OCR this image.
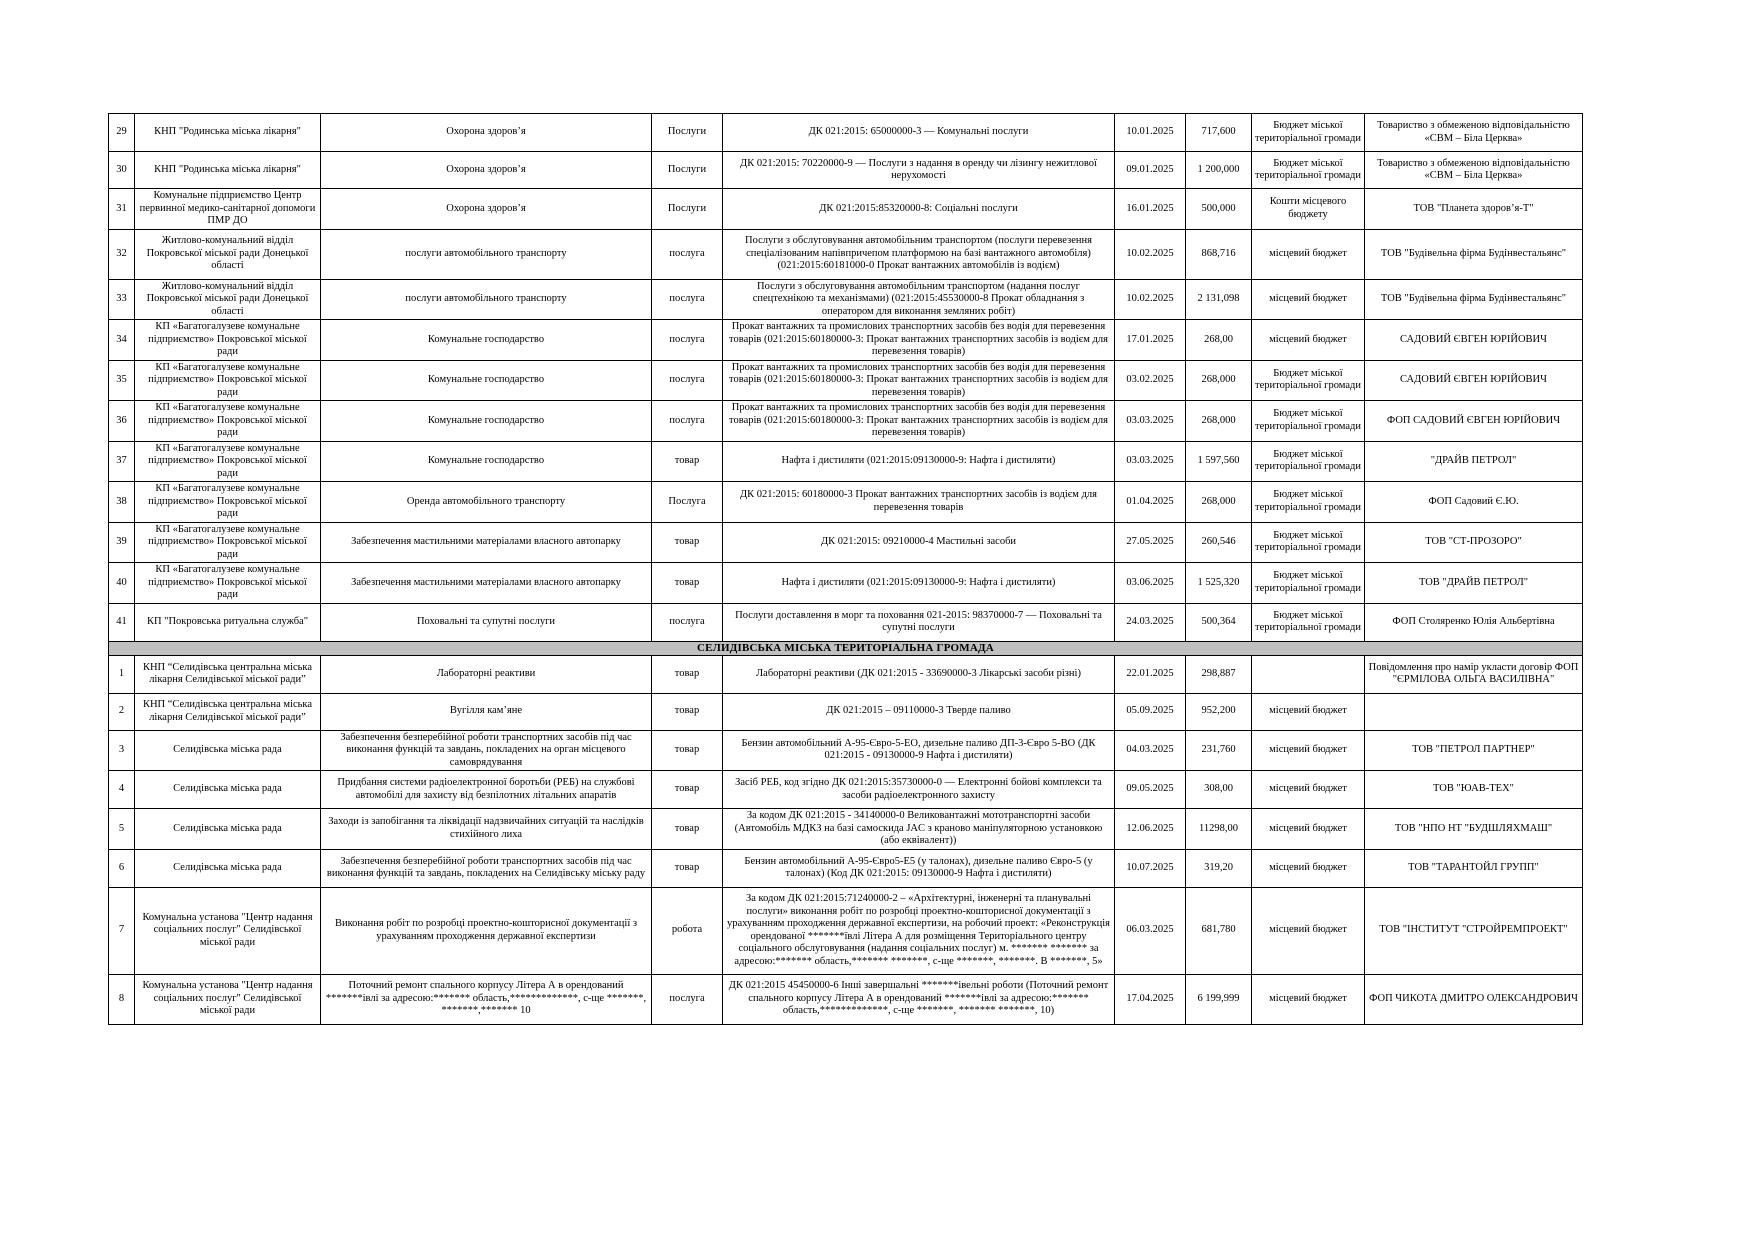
29	КНП "Родинська міська лікарня"	Охорона здоров’я	Послуги	ДК 021:2015: 65000000-3 — Комунальні послуги	10.01.2025	717,600	Бюджет міської територіальної громади	Товариство з обмеженою відповідальністю «СВМ – Біла Церква»
30	КНП "Родинська міська лікарня"	Охорона здоров’я	Послуги	ДК 021:2015: 70220000-9 — Послуги з надання в оренду чи лізингу нежитлової нерухомості	09.01.2025	1 200,000	Бюджет міської територіальної громади	Товариство з обмеженою відповідальністю «СВМ – Біла Церква»
31	Комунальне підприємство Центр первинної медико-санітарної допомоги ПМР ДО	Охорона здоров’я	Послуги	ДК 021:2015:85320000-8: Соціальні послуги	16.01.2025	500,000	Кошти місцевого бюджету	ТОВ "Планета здоров’я-Т"
32	Житлово-комунальний відділ Покровської міської ради Донецької області	послуги автомобільного транспорту	послуга	Послуги з обслуговування автомобільним транспортом (послуги перевезення спеціалізованим напівпричепом платформою на базі вантажного автомобіля) (021:2015:60181000-0 Прокат вантажних автомобілів із водієм)	10.02.2025	868,716	місцевий бюджет	ТОВ "Будівельна фірма Будінвестальянс"
33	Житлово-комунальний відділ Покровської міської ради Донецької області	послуги автомобільного транспорту	послуга	Послуги з обслуговування автомобільним транспортом (надання послуг спецтехнікою та механізмами) (021:2015:45530000-8 Прокат обладнання з оператором для виконання земляних робіт)	10.02.2025	2 131,098	місцевий бюджет	ТОВ "Будівельна фірма Будінвестальянс"
34	КП «Багатогалузеве комунальне підприємство» Покровської міської ради	Комунальне господарство	послуга	Прокат вантажних та промислових транспортних засобів без водія для перевезення товарів (021:2015:60180000-3: Прокат вантажних транспортних засобів із водієм для перевезення товарів)	17.01.2025	268,00	місцевий бюджет	САДОВИЙ ЄВГЕН ЮРІЙОВИЧ
35	КП «Багатогалузеве комунальне підприємство» Покровської міської ради	Комунальне господарство	послуга	Прокат вантажних та промислових транспортних засобів без водія для перевезення товарів (021:2015:60180000-3: Прокат вантажних транспортних засобів із водієм для перевезення товарів)	03.02.2025	268,000	Бюджет міської територіальної громади	САДОВИЙ ЄВГЕН ЮРІЙОВИЧ
36	КП «Багатогалузеве комунальне підприємство» Покровської міської ради	Комунальне господарство	послуга	Прокат вантажних та промислових транспортних засобів без водія для перевезення товарів (021:2015:60180000-3: Прокат вантажних транспортних засобів із водієм для перевезення товарів)	03.03.2025	268,000	Бюджет міської територіальної громади	ФОП САДОВИЙ ЄВГЕН ЮРІЙОВИЧ
37	КП «Багатогалузеве комунальне підприємство» Покровської міської ради	Комунальне господарство	товар	Нафта і дистиляти (021:2015:09130000-9: Нафта і дистиляти)	03.03.2025	1 597,560	Бюджет міської територіальної громади	"ДРАЙВ ПЕТРОЛ"
38	КП «Багатогалузеве комунальне підприємство» Покровської міської ради	Оренда автомобільного транспорту	Послуга	ДК 021:2015: 60180000-3 Прокат вантажних транспортних засобів із водієм для перевезення товарів	01.04.2025	268,000	Бюджет міської територіальної громади	ФОП Садовий Є.Ю.
39	КП «Багатогалузеве комунальне підприємство» Покровської міської ради	Забезпечення мастильними матеріалами власного автопарку	товар	ДК 021:2015: 09210000-4 Мастильні засоби	27.05.2025	260,546	Бюджет міської територіальної громади	ТОВ "СТ-ПРОЗОРО"
40	КП «Багатогалузеве комунальне підприємство» Покровської міської ради	Забезпечення мастильними матеріалами власного автопарку	товар	Нафта і дистиляти (021:2015:09130000-9: Нафта і дистиляти)	03.06.2025	1 525,320	Бюджет міської територіальної громади	ТОВ "ДРАЙВ ПЕТРОЛ"
41	КП "Покровська ритуальна служба"	Поховальні та супутні послуги	послуга	Послуги доставлення в морг та поховання 021-2015: 98370000-7 — Поховальні та супутні послуги	24.03.2025	500,364	Бюджет міської територіальної громади	ФОП Столяренко Юлія Альбертівна
СЕЛИДІВСЬКА МІСЬКА ТЕРИТОРІАЛЬНА ГРОМАДА								
1	КНП “Селидівська центральна міська лікарня Селидівської міської ради”	Лабораторні реактиви	товар	Лабораторні реактиви (ДК 021:2015 - 33690000-3 Лікарські засоби різні)	22.01.2025	298,887		Повідомлення про намір укласти договір ФОП "ЄРМІЛОВА ОЛЬГА ВАСИЛІВНА"
2	КНП “Селидівська центральна міська лікарня Селидівської міської ради”	Вугілля кам’яне	товар	ДК 021:2015 – 09110000-3 Тверде паливо	05.09.2025	952,200	місцевий бюджет	
3	Селидівська міська рада	Забезпечення безперебійної роботи транспортних засобів під час виконання функцій та завдань, покладених на орган місцевого самоврядування	товар	Бензин автомобільний А-95-Євро-5-ЕО, дизельне паливо ДП-3-Євро 5-ВО (ДК 021:2015 - 09130000-9 Нафта і дистиляти)	04.03.2025	231,760	місцевий бюджет	ТОВ "ПЕТРОЛ ПАРТНЕР"
4	Селидівська міська рада	Придбання системи радіоелектронної боротьби (РЕБ) на службові автомобілі для захисту від безпілотних літальних апаратів	товар	Засіб РЕБ, код згідно ДК 021:2015:35730000-0 — Електронні бойові комплекси та засоби радіоелектронного захисту	09.05.2025	308,00	місцевий бюджет	ТОВ "ЮАВ-ТЕХ"
5	Селидівська міська рада	Заходи із запобігання та ліквідації надзвичайних ситуацій та наслідків стихійного лиха	товар	За кодом ДК 021:2015 - 34140000-0 Великовантажні мототранспортні засоби (Автомобіль МДКЗ на базі самоскида JAC з краново маніпуляторною установкою (або еквівалент))	12.06.2025	11298,00	місцевий бюджет	ТОВ "НПО НТ "БУДШЛЯХМАШ"
6	Селидівська міська рада	Забезпечення безперебійної роботи транспортних засобів під час виконання функцій та завдань, покладених на Селидівську міську раду	товар	Бензин автомобільний А-95-Євро5-Е5 (у талонах), дизельне паливо Євро-5 (у талонах) (Код ДК 021:2015: 09130000-9 Нафта і дистиляти)	10.07.2025	319,20	місцевий бюджет	ТОВ "ТАРАНТОЙЛ ГРУПП"
7	Комунальна установа "Центр надання соціальних послуг" Селидівської міської ради	Виконання робіт по розробці проектно-кошторисної документації з урахуванням проходження державної експертизи	робота	За кодом ДК 021:2015:71240000-2 – «Архітектурні, інженерні та планувальні послуги» виконання робіт по розробці проектно-кошторисної документації з урахуванням проходження державної експертизи, на робочий проект: «Реконструкція орендованої *******ївлі Літера А для розміщення Територіального центру соціального обслуговування (надання соціальних послуг) м. ******* ******* за адресою:******* область,******* *******, с-ще *******, *******. В *******, 5»	06.03.2025	681,780	місцевий бюджет	ТОВ "ІНСТИТУТ "СТРОЙРЕМПРОЕКТ"
8	Комунальна установа "Центр надання соціальних послуг" Селидівської міської ради	Поточний ремонт спального корпусу Літера А в орендований *******івлі за адресою:******* область,*************, с-ще *******, *******,******* 10	послуга	ДК 021:2015 45450000-6 Інші завершальні *******івельні роботи (Поточний ремонт спального корпусу Літера А в орендований *******івлі за адресою:******* область,*************, с-ще *******, ******* *******, 10)	17.04.2025	6 199,999	місцевий бюджет	ФОП ЧИКОТА ДМИТРО ОЛЕКСАНДРОВИЧ
